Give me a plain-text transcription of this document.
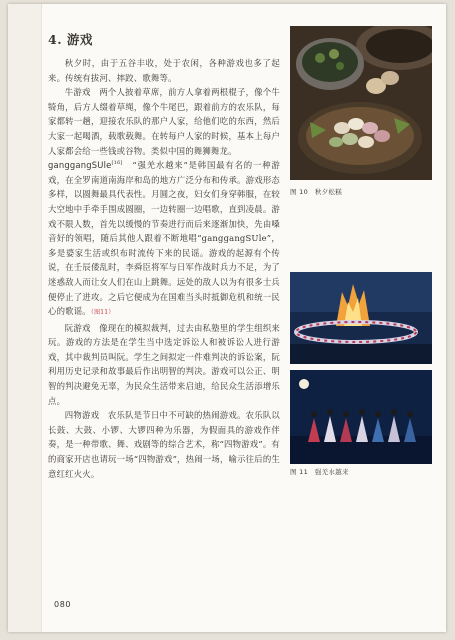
4. 游戏

秋夕时，由于五谷丰收，处于农闲，各种游戏也多了起来。传统有拔河、摔跤、歌舞等。

牛游戏　两个人披着草席，前方人拿着两根棍子，像个牛犄角，后方人缀着草绳，像个牛尾巴，跟着前方的农乐队，每家都转一趟，迎接农乐队的那户人家，给他们吃的东西，然后大家一起喝酒，载歌载舞。在转每户人家的时候，基本上每户人家都会给一些钱或谷物。类似中国的舞狮舞龙。

ganggangSUle[16]　“强羌水越来”是韩国最有名的一种游戏，在全罗南道南海岸和岛的地方广泛分布和传承。游戏形态多样，以圆舞最具代表性。月圆之夜，妇女们身穿韩服，在较大空地中手牵手围成圆圈，一边转圈一边唱歌，直到凌晨。游戏不限人数，首先以缓慢的节奏进行而后来逐渐加快，先由嗓音好的领唱，随后其他人跟着不断地唱“ganggangSUle”，多是婆家生活或织布时流传下来的民谣。游戏的起源有个传说，在壬辰倭乱时，李舜臣将军与日军作战时兵力不足，为了迷惑敌人而让女人们在山上跳舞。远处的敌人以为有很多士兵便停止了进攻。之后它便成为在国难当头时抵御危机和统一民心的歌谣。（图11）

阮游戏　像现在的模拟裁判，过去由私塾里的学生组织来玩。游戏的方法是在学生当中选定诉讼人和被诉讼人进行游戏，其中裁判员叫阮。学生之间拟定一件难判决的诉讼案，阮利用历史记录和故事最后作出明智的判决。游戏可以公正、明智的判决避免无辜，为民众生活带来启迪，给民众生活添增乐点。

四物游戏　农乐队是节日中不可缺的热闹游戏。农乐队以长鼓、大鼓、小锣、大锣四种为乐器，为假面具的游戏作伴奏，是一种带歌、舞、戏剧等的综合艺术，称“四物游戏”。有的商家开店也请玩一场“四物游戏”，热闹一场，喻示往后的生意红红火火。

图 10　秋夕松糕
图 11　强羌水越来
080
